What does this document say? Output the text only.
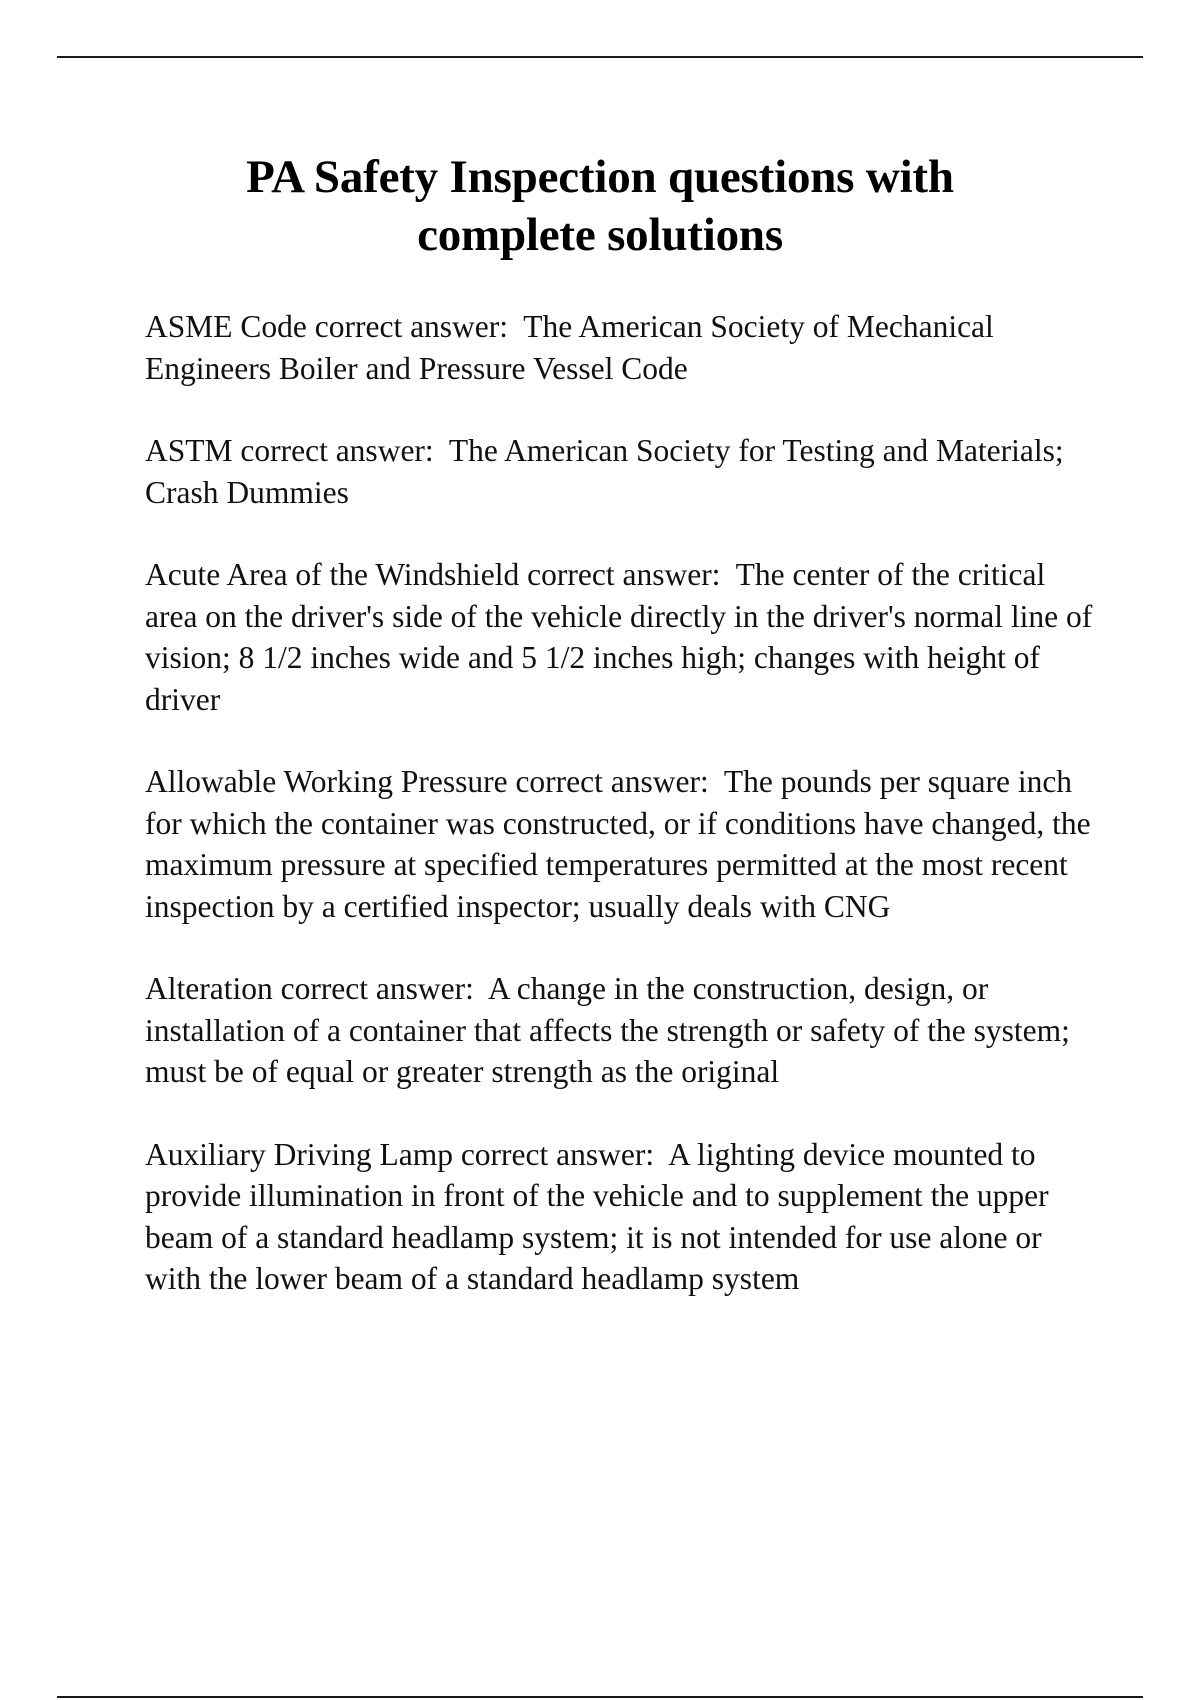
PA Safety Inspection questions with
complete solutions

ASME Code correct answer: The American Society of Mechanical Engineers Boiler and Pressure Vessel Code

ASTM correct answer: The American Society for Testing and Materials; Crash Dummies

Acute Area of the Windshield correct answer: The center of the critical area on the driver's side of the vehicle directly in the driver's normal line of vision; 8 1/2 inches wide and 5 1/2 inches high; changes with height of driver

Allowable Working Pressure correct answer: The pounds per square inch for which the container was constructed, or if conditions have changed, the maximum pressure at specified temperatures permitted at the most recent inspection by a certified inspector; usually deals with CNG

Alteration correct answer: A change in the construction, design, or installation of a container that affects the strength or safety of the system; must be of equal or greater strength as the original

Auxiliary Driving Lamp correct answer: A lighting device mounted to provide illumination in front of the vehicle and to supplement the upper beam of a standard headlamp system; it is not intended for use alone or with the lower beam of a standard headlamp system
